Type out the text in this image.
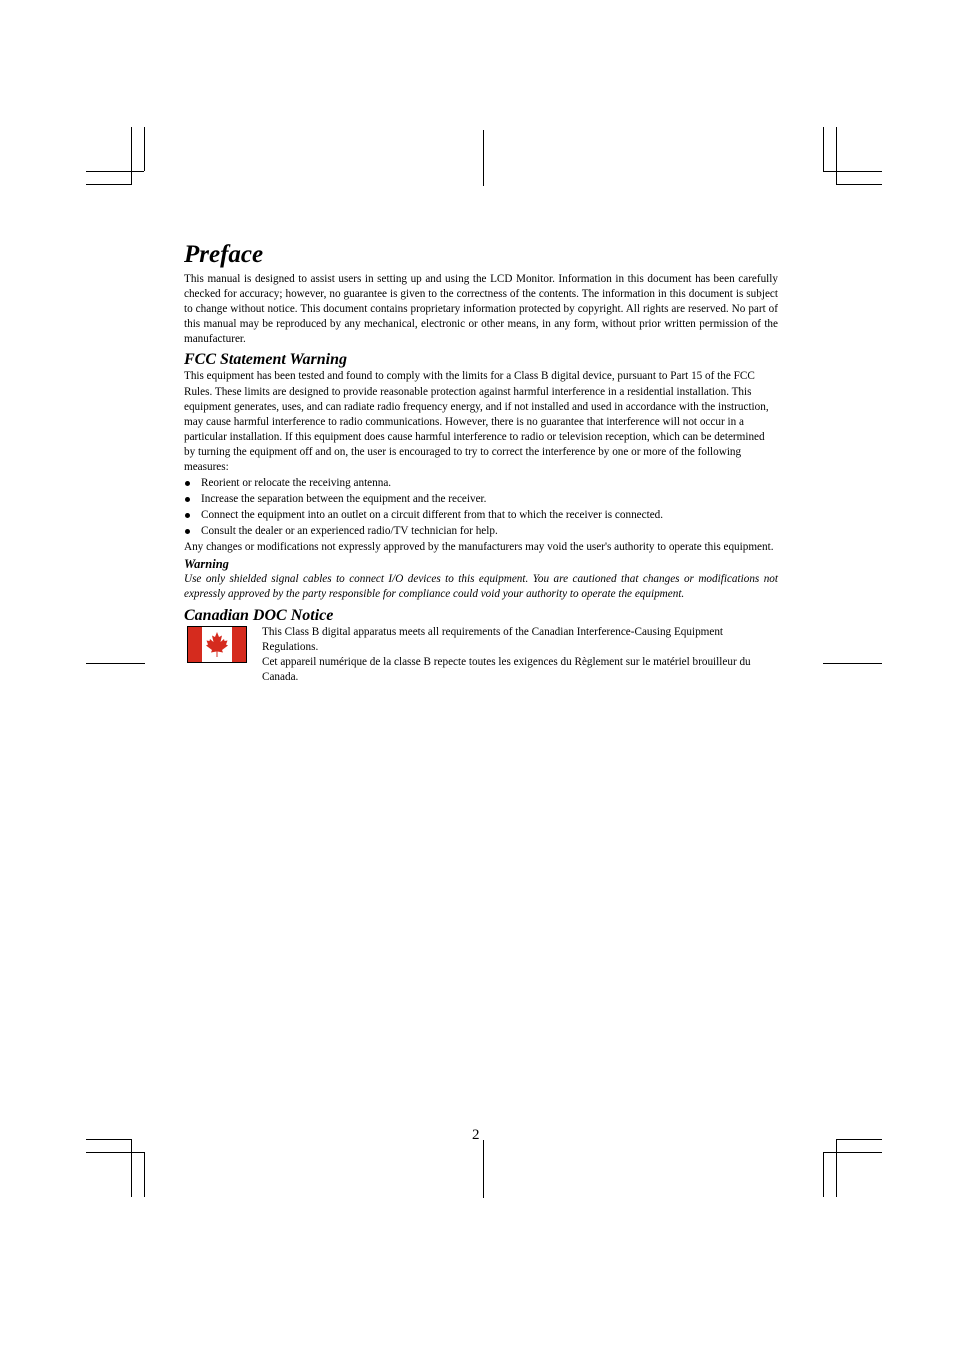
Preface

This manual is designed to assist users in setting up and using the LCD Monitor. Information in this document has been carefully checked for accuracy; however, no guarantee is given to the correctness of the contents. The information in this document is subject to change without notice. This document contains proprietary information protected by copyright. All rights are reserved. No part of this manual may be reproduced by any mechanical, electronic or other means, in any form, without prior written permission of the manufacturer.

FCC Statement Warning

This equipment has been tested and found to comply with the limits for a Class B digital device, pursuant to Part 15 of the FCC Rules. These limits are designed to provide reasonable protection against harmful interference in a residential installation. This equipment generates, uses, and can radiate radio frequency energy, and if not installed and used in accordance with the instruction, may cause harmful interference to radio communications. However, there is no guarantee that interference will not occur in a particular installation. If this equipment does cause harmful interference to radio or television reception, which can be determined by turning the equipment off and on, the user is encouraged to try to correct the interference by one or more of the following measures:

Reorient or relocate the receiving antenna.
Increase the separation between the equipment and the receiver.
Connect the equipment into an outlet on a circuit different from that to which the receiver is connected.
Consult the dealer or an experienced radio/TV technician for help.

Any changes or modifications not expressly approved by the manufacturers may void the user's authority to operate this equipment.

Warning

Use only shielded signal cables to connect I/O devices to this equipment. You are cautioned that changes or modifications not expressly approved by the party responsible for compliance could void your authority to operate the equipment.

Canadian DOC Notice

This Class B digital apparatus meets all requirements of the Canadian Interference-Causing Equipment Regulations.

Cet appareil numérique de la classe B repecte toutes les exigences du Règlement sur le matériel brouilleur du Canada.

2
